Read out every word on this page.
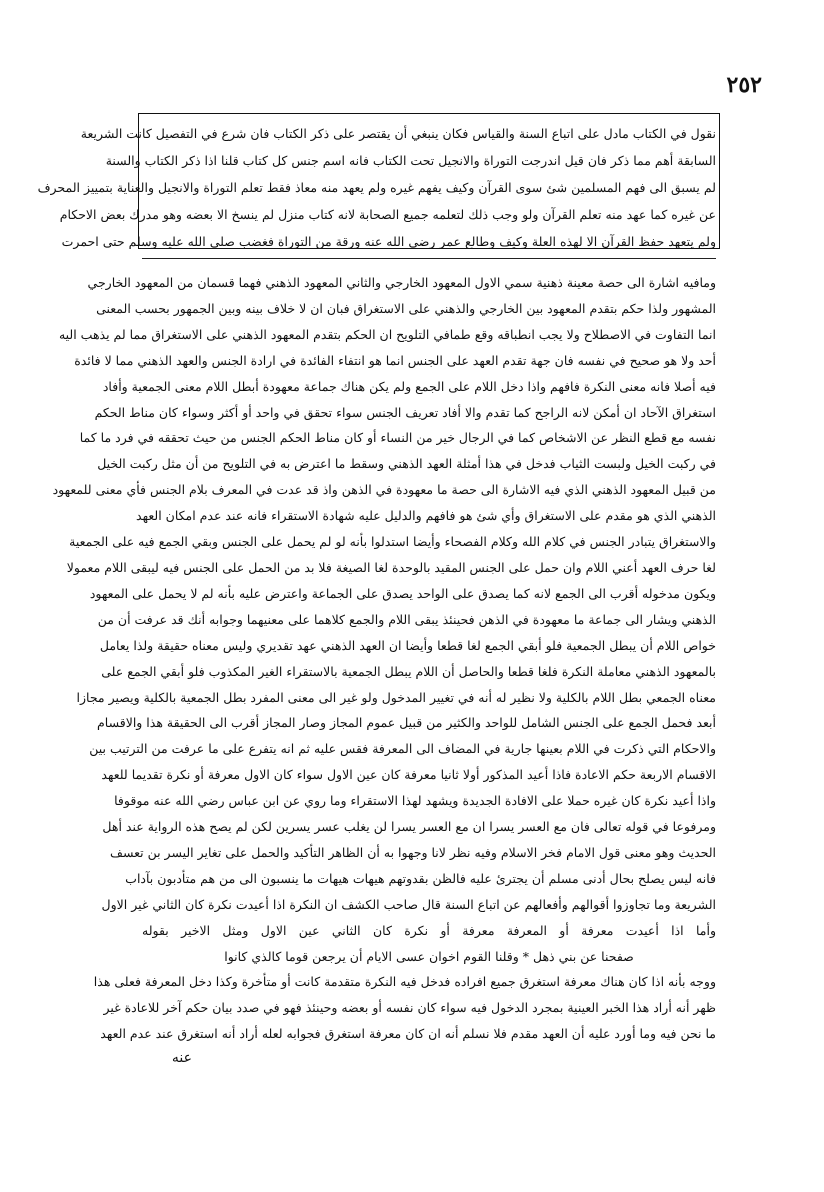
٢٥٢
نقول في الكتاب مادل على اتباع السنة والقياس فكان ينبغي أن يقتصر على ذكر الكتاب فان شرع في التفصيل كانت الشريعة
السابقة أهم مما ذكر فان قيل اندرجت التوراة والانجيل تحت الكتاب فانه اسم جنس كل كتاب قلنا اذا ذكر الكتاب والسنة
لم يسبق الى فهم المسلمين شئ سوى القرآن وكيف يفهم غيره ولم يعهد منه معاذ فقط تعلم التوراة والانجيل والعناية بتمييز المحرف
عن غيره كما عهد منه تعلم القرآن ولو وجب ذلك لتعلمه جميع الصحابة لانه كتاب منزل لم ينسخ الا بعضه وهو مدرك بعض الاحكام
ولم يتعهد حفظ القرآن الا لهذه العلة وكيف وطالع عمر رضي الله عنه ورقة من التوراة فغضب صلى الله عليه وسلم حتى احمرت
ومافيه اشارة الى حصة معينة ذهنية سمي الاول المعهود الخارجي والثاني المعهود الذهني فهما قسمان من المعهود الخارجي
المشهور ولذا حكم بتقدم المعهود بين الخارجي والذهني على الاستغراق فبان ان لا خلاف بينه وبين الجمهور بحسب المعنى
انما التفاوت في الاصطلاح ولا يجب انطباقه وقع طمافي التلويح ان الحكم بتقدم المعهود الذهني على الاستغراق مما لم يذهب اليه
أحد ولا هو صحيح في نفسه فان جهة تقدم العهد على الجنس انما هو انتفاء الفائدة في ارادة الجنس والعهد الذهني مما لا فائدة
فيه أصلا فانه معنى النكرة فافهم واذا دخل اللام على الجمع ولم يكن هناك جماعة معهودة أبطل اللام معنى الجمعية وأفاد
استغراق الآحاد ان أمكن لانه الراجح كما تقدم والا أفاد تعريف الجنس سواء تحقق في واحد أو أكثر وسواء كان مناط الحكم
نفسه مع قطع النظر عن الاشخاص كما في الرجال خير من النساء أو كان مناط الحكم الجنس من حيث تحققه في فرد ما كما
في ركبت الخيل ولبست الثياب فدخل في هذا أمثلة العهد الذهني وسقط ما اعترض به في التلويح من أن مثل ركبت الخيل
من قبيل المعهود الذهني الذي فيه الاشارة الى حصة ما معهودة في الذهن واذ قد عدت في المعرف بلام الجنس فأي معنى للمعهود
الذهني الذي هو مقدم على الاستغراق وأي شئ هو فافهم والدليل عليه شهادة الاستقراء فانه عند عدم امكان العهد
والاستغراق يتبادر الجنس في كلام الله وكلام الفصحاء وأيضا استدلوا بأنه لو لم يحمل على الجنس وبقي الجمع فيه على الجمعية
لغا حرف العهد أعني اللام وان حمل على الجنس المقيد بالوحدة لغا الصيغة فلا بد من الحمل على الجنس فيه ليبقى اللام معمولا
ويكون مدخوله أقرب الى الجمع لانه كما يصدق على الواحد يصدق على الجماعة واعترض عليه بأنه لم لا يحمل على المعهود
الذهني ويشار الى جماعة ما معهودة في الذهن فحينئذ يبقى اللام والجمع كلاهما على معنيهما وجوابه أنك قد عرفت أن من
خواص اللام أن يبطل الجمعية فلو أبقي الجمع لغا قطعا وأيضا ان العهد الذهني عهد تقديري وليس معناه حقيقة ولذا يعامل
بالمعهود الذهني معاملة النكرة فلغا قطعا والحاصل أن اللام يبطل الجمعية بالاستقراء الغير المكذوب فلو أبقي الجمع على
معناه الجمعي بطل اللام بالكلية ولا نظير له أنه في تغيير المدخول ولو غير الى معنى المفرد بطل الجمعية بالكلية ويصير مجازا
أبعد فحمل الجمع على الجنس الشامل للواحد والكثير من قبيل عموم المجاز وصار المجاز أقرب الى الحقيقة هذا والاقسام
والاحكام التي ذكرت في اللام بعينها جارية في المضاف الى المعرفة فقس عليه ثم انه يتفرع على ما عرفت من الترتيب بين
الاقسام الاربعة حكم الاعادة فاذا أعيد المذكور أولا ثانيا معرفة كان عين الاول سواء كان الاول معرفة أو نكرة تقديما للعهد
واذا أعيد نكرة كان غيره حملا على الافادة الجديدة ويشهد لهذا الاستقراء وما روي عن ابن عباس رضي الله عنه موقوفا
ومرفوعا في قوله تعالى فان مع العسر يسرا ان مع العسر يسرا لن يغلب عسر يسرين لكن لم يصح هذه الرواية عند أهل
الحديث وهو معنى قول الامام فخر الاسلام وفيه نظر لانا وجهوا به أن الظاهر التأكيد والحمل على تغاير اليسر بن تعسف
فانه ليس يصلح بحال أدنى مسلم أن يجترئ عليه فالظن بقدوتهم هيهات هيهات ما ينسبون الى من هم متأدبون بآداب
الشريعة وما تجاوزوا أقوالهم وأفعالهم عن اتباع السنة قال صاحب الكشف ان النكرة اذا أعيدت نكرة كان الثاني غير الاول
وأما اذا أعيدت معرفة أو المعرفة معرفة أو نكرة كان الثاني عين الاول ومثل الاخير بقوله
صفحنا عن بني ذهل * وقلنا القوم اخوان عسى الايام أن يرجعن قوما كالذي كانوا
ووجه بأنه اذا كان هناك معرفة استغرق جميع افراده فدخل فيه النكرة متقدمة كانت أو متأخرة وكذا دخل المعرفة فعلى هذا
ظهر أنه أراد هذا الخبر العينية بمجرد الدخول فيه سواء كان نفسه أو بعضه وحينئذ فهو في صدد بيان حكم آخر للاعادة غير
ما نحن فيه وما أورد عليه أن العهد مقدم فلا نسلم أنه ان كان معرفة استغرق فجوابه لعله أراد أنه استغرق عند عدم العهد
عنه
